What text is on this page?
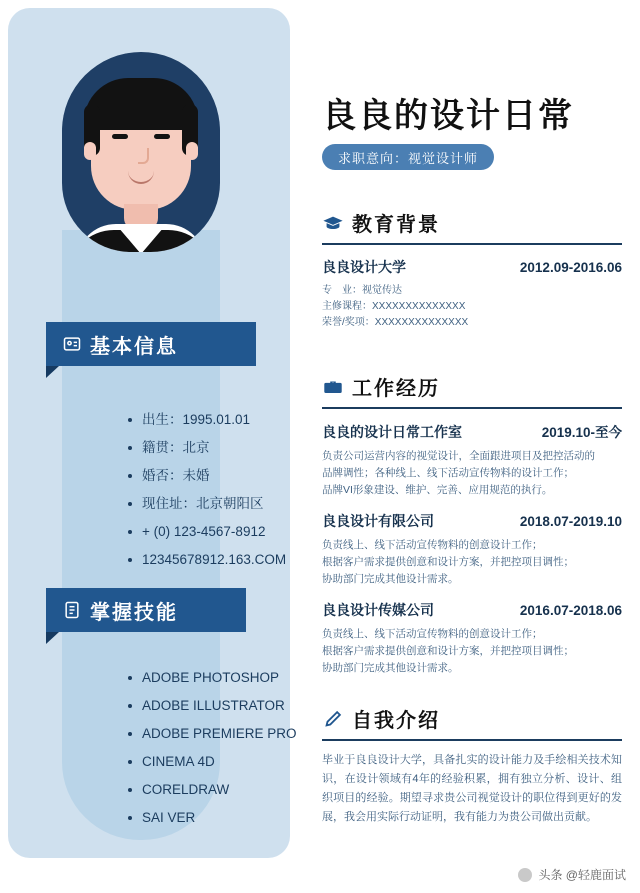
基本信息
出生：1995.01.01
籍贯：北京
婚否：未婚
现住址：北京朝阳区
+ (0) 123-4567-8912
12345678912.163.COM
掌握技能
ADOBE PHOTOSHOP
ADOBE ILLUSTRATOR
ADOBE PREMIERE PRO
CINEMA 4D
CORELDRAW
SAI VER
良良的设计日常
求职意向：视觉设计师
教育背景
良良设计大学	2012.09-2016.06
专　业：视觉传达
主修课程：XXXXXXXXXXXXXX
荣誉/奖项：XXXXXXXXXXXXXX
工作经历
良良的设计日常工作室	2019.10-至今
负责公司运营内容的视觉设计，全面跟进项目及把控活动的
品牌调性；各种线上、线下活动宣传物料的设计工作；
品牌VI形象建设、维护、完善、应用规范的执行。
良良设计有限公司	2018.07-2019.10
负责线上、线下活动宣传物料的创意设计工作；
根据客户需求提供创意和设计方案，并把控项目调性；
协助部门完成其他设计需求。
良良设计传媒公司	2016.07-2018.06
负责线上、线下活动宣传物料的创意设计工作；
根据客户需求提供创意和设计方案，并把控项目调性；
协助部门完成其他设计需求。
自我介绍
毕业于良良设计大学，具备扎实的设计能力及手绘相关技术知识，在设计领域有4年的经验积累，拥有独立分析、设计、组织项目的经验。期望寻求贵公司视觉设计的职位得到更好的发展，我会用实际行动证明，我有能力为贵公司做出贡献。
头条 @轻鹿面试
